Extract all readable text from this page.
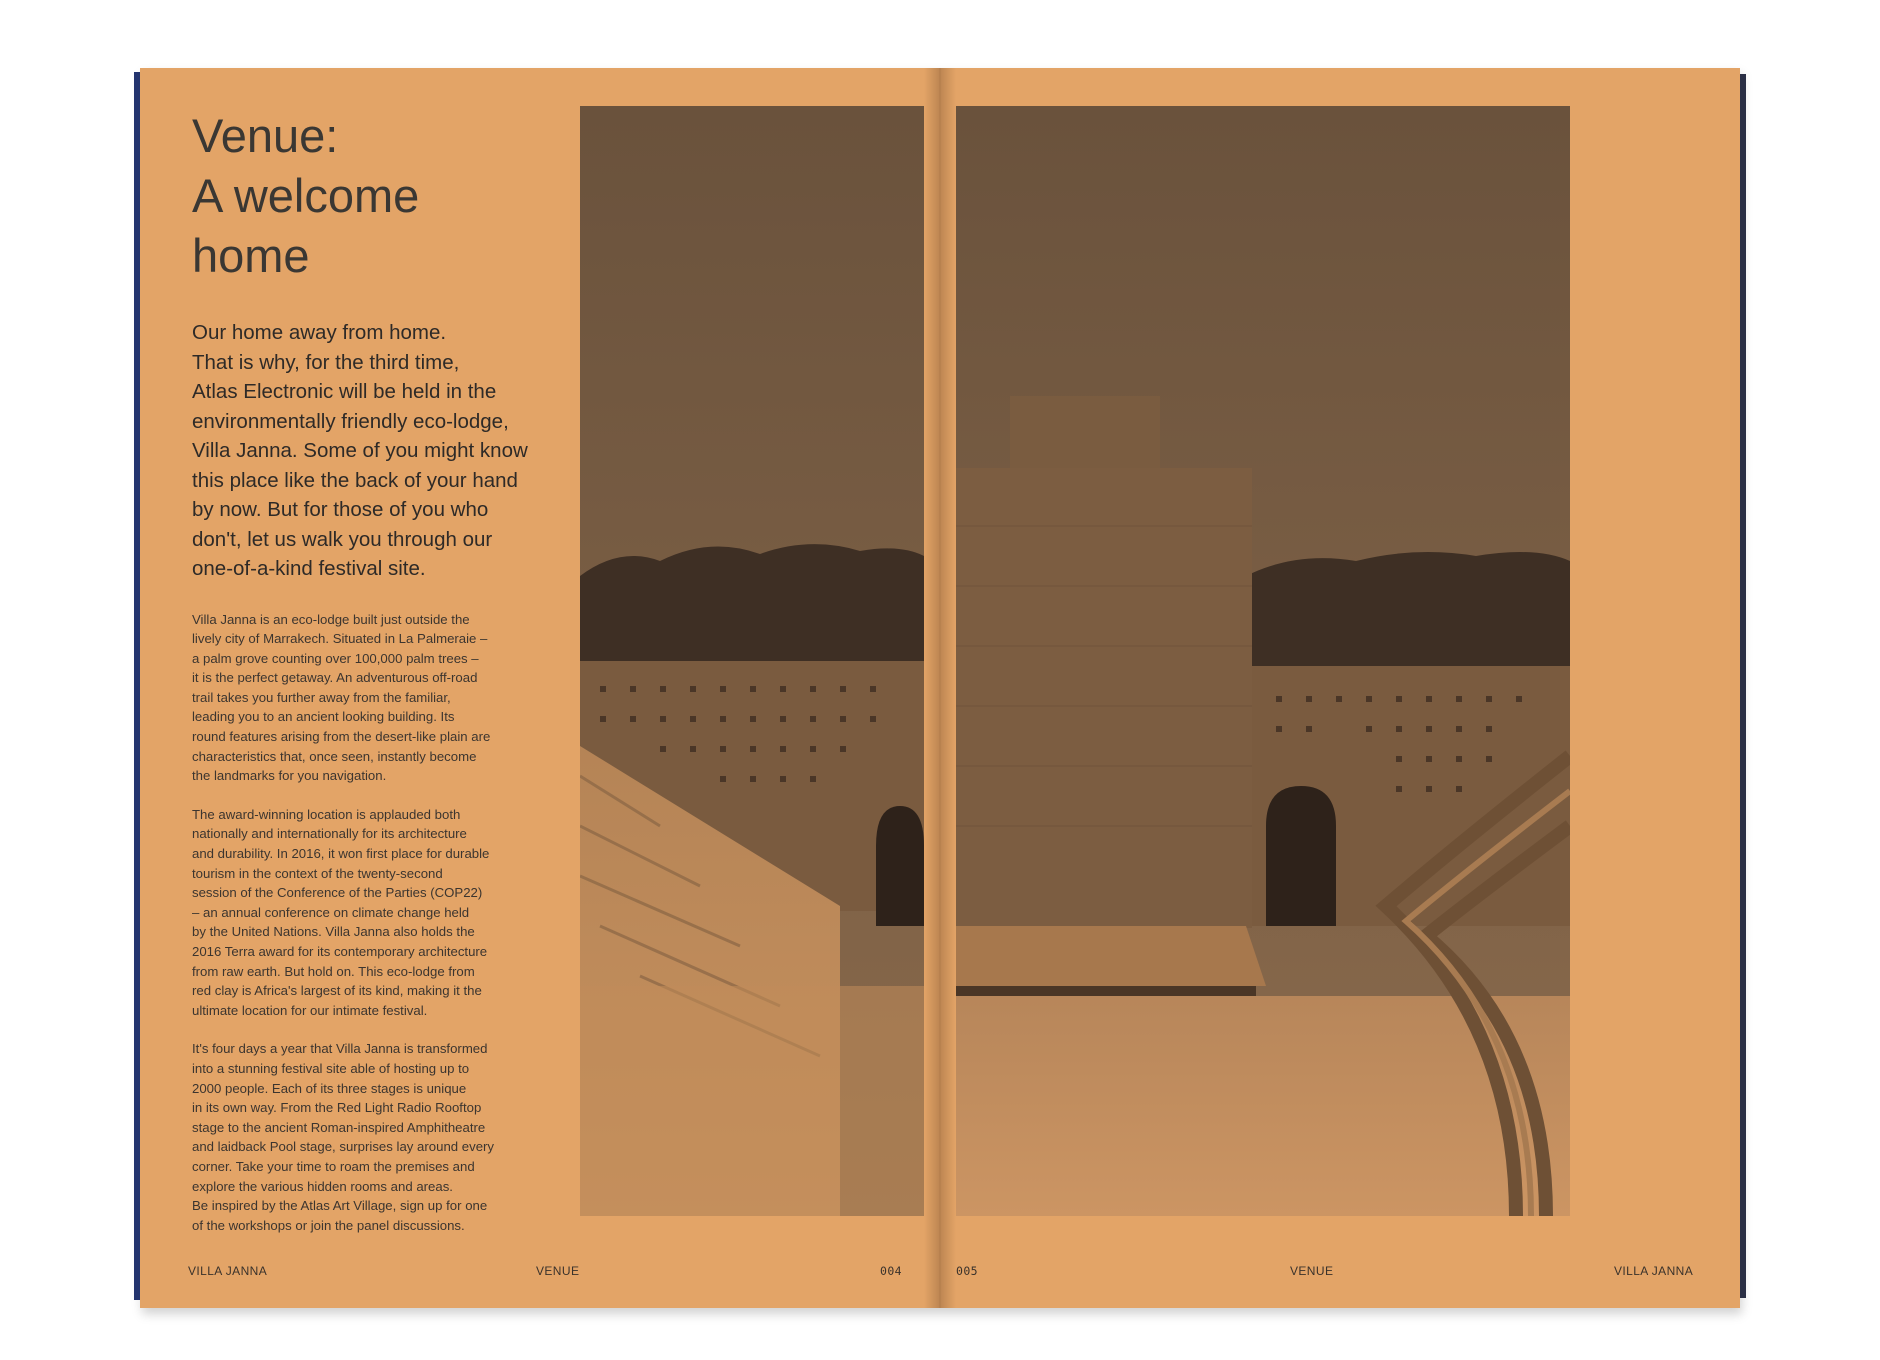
Venue:
A welcome
home

Our home away from home.
That is why, for the third time,
Atlas Electronic will be held in the
environmentally friendly eco-lodge,
Villa Janna. Some of you might know
this place like the back of your hand
by now. But for those of you who
don't, let us walk you through our
one-of-a-kind festival site.

Villa Janna is an eco-lodge built just outside the
lively city of Marrakech. Situated in La Palmeraie –
a palm grove counting over 100,000 palm trees –
it is the perfect getaway. An adventurous off-road
trail takes you further away from the familiar,
leading you to an ancient looking building. Its
round features arising from the desert-like plain are
characteristics that, once seen, instantly become
the landmarks for you navigation.

The award-winning location is applauded both
nationally and internationally for its architecture
and durability. In 2016, it won first place for durable
tourism in the context of the twenty-second
session of the Conference of the Parties (COP22)
– an annual conference on climate change held
by the United Nations. Villa Janna also holds the
2016 Terra award for its contemporary architecture
from raw earth. But hold on. This eco-lodge from
red clay is Africa's largest of its kind, making it the
ultimate location for our intimate festival.

It's four days a year that Villa Janna is transformed
into a stunning festival site able of hosting up to
2000 people. Each of its three stages is unique
in its own way. From the Red Light Radio Rooftop
stage to the ancient Roman-inspired Amphitheatre
and laidback Pool stage, surprises lay around every
corner. Take your time to roam the premises and
explore the various hidden rooms and areas.
Be inspired by the Atlas Art Village, sign up for one
of the workshops or join the panel discussions.

VILLA JANNA	VENUE	004	005	VENUE	VILLA JANNA
